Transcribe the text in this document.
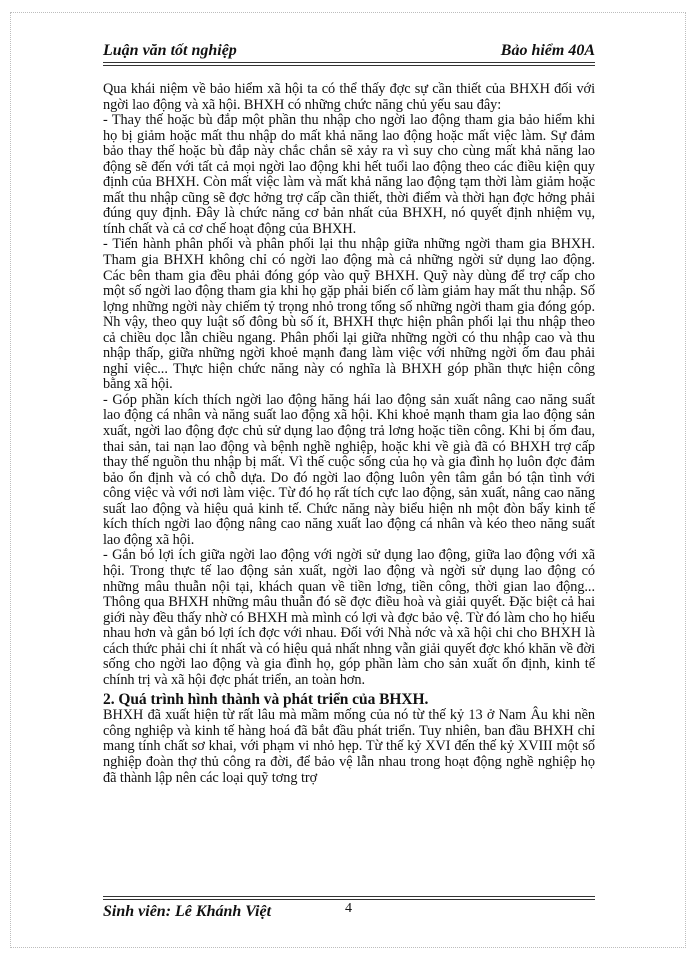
Luận văn tốt nghiệp	Bảo hiểm 40A

Qua khái niệm về bảo hiểm xã hội ta có thể thấy đợc sự cần thiết của BHXH đối với ngời lao động và xã hội. BHXH có những chức năng chủ yếu sau đây:

- Thay thế hoặc bù đắp một phần thu nhập cho ngời lao động tham gia bảo hiểm khi họ bị giảm hoặc mất thu nhập do mất khả năng lao động hoặc mất việc làm. Sự đảm bảo thay thế hoặc bù đắp này chắc chắn sẽ xảy ra vì suy cho cùng mất khả năng lao động sẽ đến với tất cả mọi ngời lao động khi hết tuổi lao động theo các điều kiện quy định của BHXH. Còn mất việc làm và mất khả năng lao động tạm thời làm giảm hoặc mất thu nhập cũng sẽ đợc hởng trợ cấp cần thiết, thời điểm và thời hạn đợc hởng phải đúng quy định. Đây là chức năng cơ bản nhất của BHXH, nó quyết định nhiệm vụ, tính chất và cả cơ chế hoạt động của BHXH.

- Tiến hành phân phối và phân phối lại thu nhập giữa những ngời tham gia BHXH. Tham gia BHXH không chỉ có ngời lao động mà cả những ngời sử dụng lao động. Các bên tham gia đều phải đóng góp vào quỹ BHXH. Quỹ này dùng để trợ cấp cho một số ngời lao động tham gia khi họ gặp phải biến cố làm giảm hay mất thu nhập. Số lợng những ngời này chiếm tỷ trọng nhỏ trong tổng số những ngời tham gia đóng góp. Nh vậy, theo quy luật số đông bù số ít, BHXH thực hiện phân phối lại thu nhập theo cả chiều dọc lẫn chiều ngang. Phân phối lại giữa những ngời có thu nhập cao và thu nhập thấp, giữa những ngời khoẻ mạnh đang làm việc với những ngời ốm đau phải nghỉ việc... Thực hiện chức năng này có nghĩa là BHXH góp phần thực hiện công bằng xã hội.

- Góp phần kích thích ngời lao động hăng hái lao động sản xuất nâng cao năng suất lao động cá nhân và năng suất lao động xã hội. Khi khoẻ mạnh tham gia lao động sản xuất, ngời lao động đợc chủ sử dụng lao động trả lơng hoặc tiền công. Khi bị ốm đau, thai sản, tai nạn lao động và bệnh nghề nghiệp, hoặc khi về già đã có BHXH trợ cấp thay thế nguồn thu nhập bị mất. Vì thế cuộc sống của họ và gia đình họ luôn đợc đảm bảo ổn định và có chỗ dựa. Do đó ngời lao động luôn yên tâm gắn bó tận tình với công việc và với nơi làm việc. Từ đó họ rất tích cực lao động, sản xuất, nâng cao năng suất lao động và hiệu quả kinh tế. Chức năng này biểu hiện nh một đòn bẩy kinh tế kích thích ngời lao động nâng cao năng xuất lao động cá nhân và kéo theo năng suất lao động xã hội.

- Gắn bó lợi ích giữa ngời lao động với ngời sử dụng lao động, giữa lao động với xã hội. Trong thực tế lao động sản xuất, ngời lao động và ngời sử dụng lao động có những mâu thuẫn nội tại, khách quan về tiền lơng, tiền công, thời gian lao động... Thông qua BHXH những mâu thuẫn đó sẽ đợc điều hoà và giải quyết. Đặc biệt cả hai giới này đều thấy nhờ có BHXH mà mình có lợi và đợc bảo vệ. Từ đó làm cho họ hiểu nhau hơn và gắn bó lợi ích đợc với nhau. Đối với Nhà nớc và xã hội chi cho BHXH là cách thức phải chi ít nhất và có hiệu quả nhất nhng vẫn giải quyết đợc khó khăn về đời sống cho ngời lao động và gia đình họ, góp phần làm cho sản xuất ổn định, kinh tế chính trị và xã hội đợc phát triển, an toàn hơn.

2. Quá trình hình thành và phát triển của BHXH.

BHXH đã xuất hiện từ rất lâu mà mầm mống của nó từ thế kỷ 13 ở Nam Âu khi nền công nghiệp và kinh tế hàng hoá đã bắt đầu phát triển. Tuy nhiên, ban đầu BHXH chỉ mang tính chất sơ khai, với phạm vi nhỏ hẹp. Từ thế kỷ XVI đến thế kỷ XVIII một số nghiệp đoàn thợ thủ công ra đời, để bảo vệ lẫn nhau trong hoạt động nghề nghiệp họ đã thành lập nên các loại quỹ tơng trợ

Sinh viên: Lê Khánh Việt	4
